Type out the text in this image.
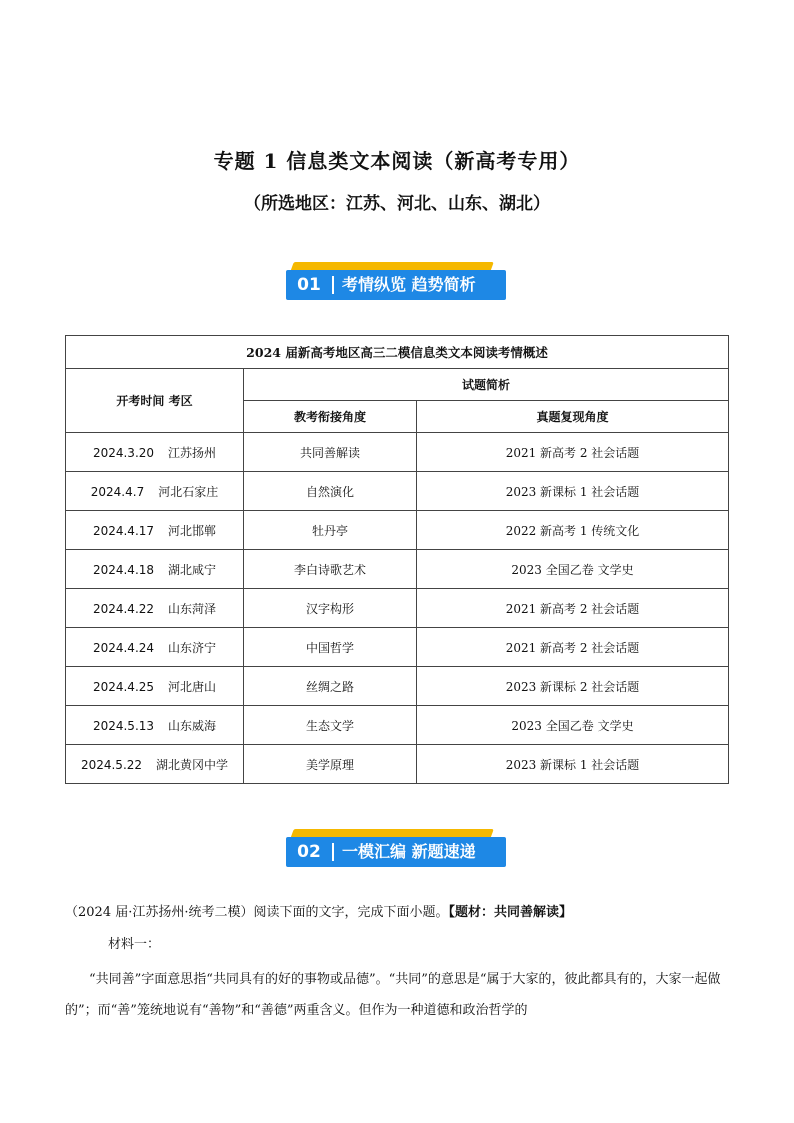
专题 1 信息类文本阅读（新高考专用）
（所选地区：江苏、河北、山东、湖北）
01	考情纵览 趋势简析
2024 届新高考地区高三二模信息类文本阅读考情概述		
开考时间 考区	试题简析	
	教考衔接角度	真题复现角度
2024.3.20 江苏扬州	共同善解读	2021 新高考 2 社会话题
2024.4.7 河北石家庄	自然演化	2023 新课标 1 社会话题
2024.4.17 河北邯郸	牡丹亭	2022 新高考 1 传统文化
2024.4.18 湖北咸宁	李白诗歌艺术	2023 全国乙卷 文学史
2024.4.22 山东菏泽	汉字构形	2021 新高考 2 社会话题
2024.4.24 山东济宁	中国哲学	2021 新高考 2 社会话题
2024.4.25 河北唐山	丝绸之路	2023 新课标 2 社会话题
2024.5.13 山东威海	生态文学	2023 全国乙卷 文学史
2024.5.22 湖北黄冈中学	美学原理	2023 新课标 1 社会话题
02	一模汇编 新题速递
（2024 届·江苏扬州·统考二模）阅读下面的文字，完成下面小题。【题材：共同善解读】
材料一：
“共同善”字面意思指“共同具有的好的事物或品德”。“共同”的意思是“属于大家的，彼此都具有的，大家一起做的”；而“善”笼统地说有“善物”和“善德”两重含义。但作为一种道德和政治哲学的
